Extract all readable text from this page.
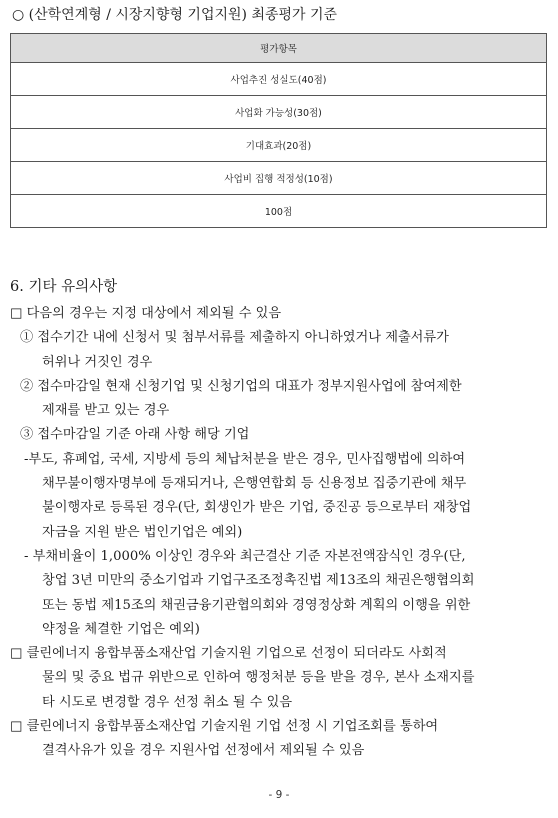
○ (산학연계형 / 시장지향형 기업지원) 최종평가 기준
평가항목
사업추진 성실도(40점)
사업화 가능성(30점)
기대효과(20점)
사업비 집행 적정성(10점)
100점
6. 기타 유의사항
□ 다음의 경우는 지정 대상에서 제외될 수 있음
① 접수기간 내에 신청서 및 첨부서류를 제출하지 아니하였거나 제출서류가
허위나 거짓인 경우
② 접수마감일 현재 신청기업 및 신청기업의 대표가 정부지원사업에 참여제한
제재를 받고 있는 경우
③ 접수마감일 기준 아래 사항 해당 기업
-부도, 휴폐업, 국세, 지방세 등의 체납처분을 받은 경우, 민사집행법에 의하여
채무불이행자명부에 등재되거나, 은행연합회 등 신용정보 집중기관에 채무
불이행자로 등록된 경우(단, 회생인가 받은 기업, 중진공 등으로부터 재창업
자금을 지원 받은 법인기업은 예외)
- 부채비율이 1,000% 이상인 경우와 최근결산 기준 자본전액잠식인 경우(단,
창업 3년 미만의 중소기업과 기업구조조정촉진법 제13조의 채권은행협의회
또는 동법 제15조의 채권금융기관협의회와 경영정상화 계획의 이행을 위한
약정을 체결한 기업은 예외)
□ 클린에너지 융합부품소재산업 기술지원 기업으로 선정이 되더라도 사회적
물의 및 중요 법규 위반으로 인하여 행정처분 등을 받을 경우, 본사 소재지를
타 시도로 변경할 경우 선정 취소 될 수 있음
□ 클린에너지 융합부품소재산업 기술지원 기업 선정 시 기업조회를 통하여
결격사유가 있을 경우 지원사업 선정에서 제외될 수 있음
- 9 -
